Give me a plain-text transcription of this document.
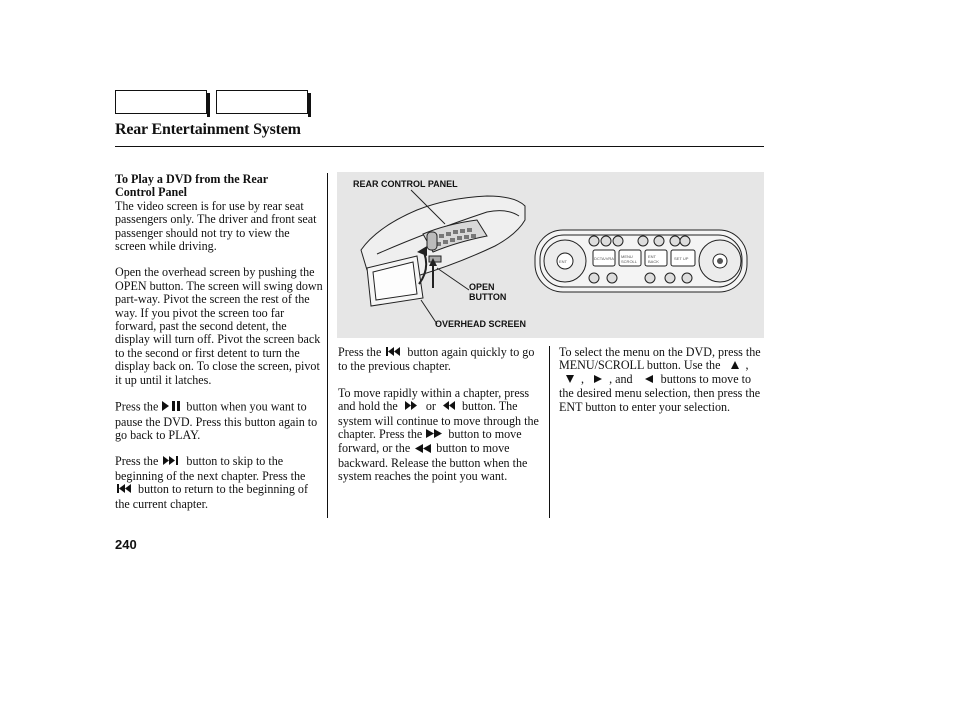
Rear Entertainment System
To Play a DVD from the Rear
Control Panel

The video screen is for use by rear seat passengers only. The driver and front seat passenger should not try to view the screen while driving.

Open the overhead screen by pushing the OPEN button. The screen will swing down part-way. Pivot the screen the rest of the way. If you pivot the screen too far forward, past the second detent, the display will turn off. Pivot the screen back to the second or first detent to turn the display back on. To close the screen, pivot it up until it latches.

Press the button when you want to pause the DVD. Press this button again to go back to PLAY.

Press the button to skip to the beginning of the next chapter. Press the  button to return to the beginning of the current chapter.

ENT
DCTA/VRA MENU
SCROLL
ENT
BACK
SET UP
REAR CONTROL PANEL
OPEN
BUTTON
OVERHEAD SCREEN

Press the button again quickly to go to the previous chapter.

To move rapidly within a chapter, press and hold the or button. The system will continue to move through the chapter. Press the button to move forward, or the button to move backward. Release the button when the system reaches the point you want.

To select the menu on the DVD, press the MENU/SCROLL button. Use the , , , and buttons to move to the desired menu selection, then press the ENT button to enter your selection.

240
